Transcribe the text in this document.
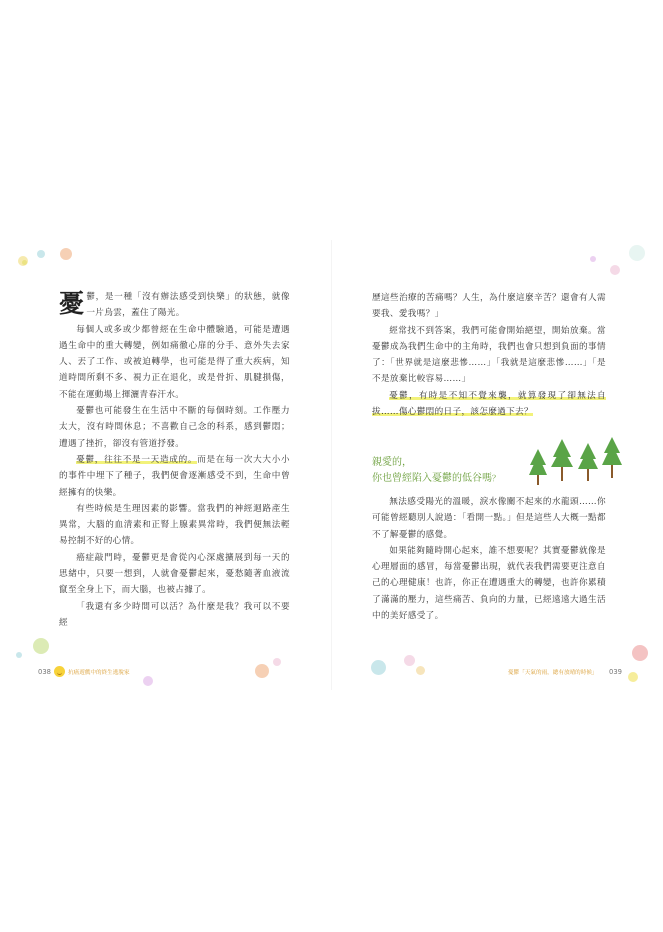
憂鬱，是一種「沒有辦法感受到快樂」的狀態，就像一片烏雲，蓋住了陽光。

每個人或多或少都曾經在生命中體驗過，可能是遭遇過生命中的重大轉變，例如痛徹心扉的分手、意外失去家人、丟了工作、或被迫轉學，也可能是得了重大疾病，知道時間所剩不多、視力正在退化，或是骨折、肌腱損傷，不能在運動場上揮灑青春汗水。

憂鬱也可能發生在生活中不斷的每個時刻。工作壓力太大，沒有時間休息；不喜歡自己念的科系，感到鬱悶；遭遇了挫折，卻沒有管道抒發。

憂鬱，往往不是一天造成的。而是在每一次大大小小的事件中埋下了種子，我們便會逐漸感受不到，生命中曾經擁有的快樂。

有些時候是生理因素的影響。當我們的神經迴路產生異常，大腦的血清素和正腎上腺素異常時，我們便無法輕易控制不好的心情。

癌症敲門時，憂鬱更是會從內心深處擴展到每一天的思緒中，只要一想到，人就會憂鬱起來，憂愁隨著血液流竄至全身上下，而大腦，也被占據了。

「我還有多少時間可以活？為什麼是我？我可以不要經

038	抗癌遊戲中的終生逃脫家

歷這些治療的苦痛嗎？人生，為什麼這麼辛苦？還會有人需要我、愛我嗎？」

經常找不到答案，我們可能會開始絕望，開始放棄。當憂鬱成為我們生命中的主角時，我們也會只想到負面的事情了：「世界就是這麼悲慘……」「我就是這麼悲慘……」「是不是放棄比較容易……」

憂鬱，有時是不知不覺來襲，就算發現了卻無法自拔……傷心鬱悶的日子，該怎麼過下去？

親愛的，
你也曾經陷入憂鬱的低谷嗎？

無法感受陽光的溫暖，淚水像關不起來的水龍頭……你可能曾經聽別人說過：「看開一點。」但是這些人大概一點都不了解憂鬱的感覺。

如果能夠隨時開心起來，誰不想要呢？其實憂鬱就像是心理層面的感冒，每當憂鬱出現，就代表我們需要更注意自己的心理健康！也許，你正在遭遇重大的轉變，也許你累積了滿滿的壓力，這些痛苦、負向的力量，已經遠遠大過生活中的美好感受了。

憂鬱「天氣的雨，總有放晴的時候」 039
